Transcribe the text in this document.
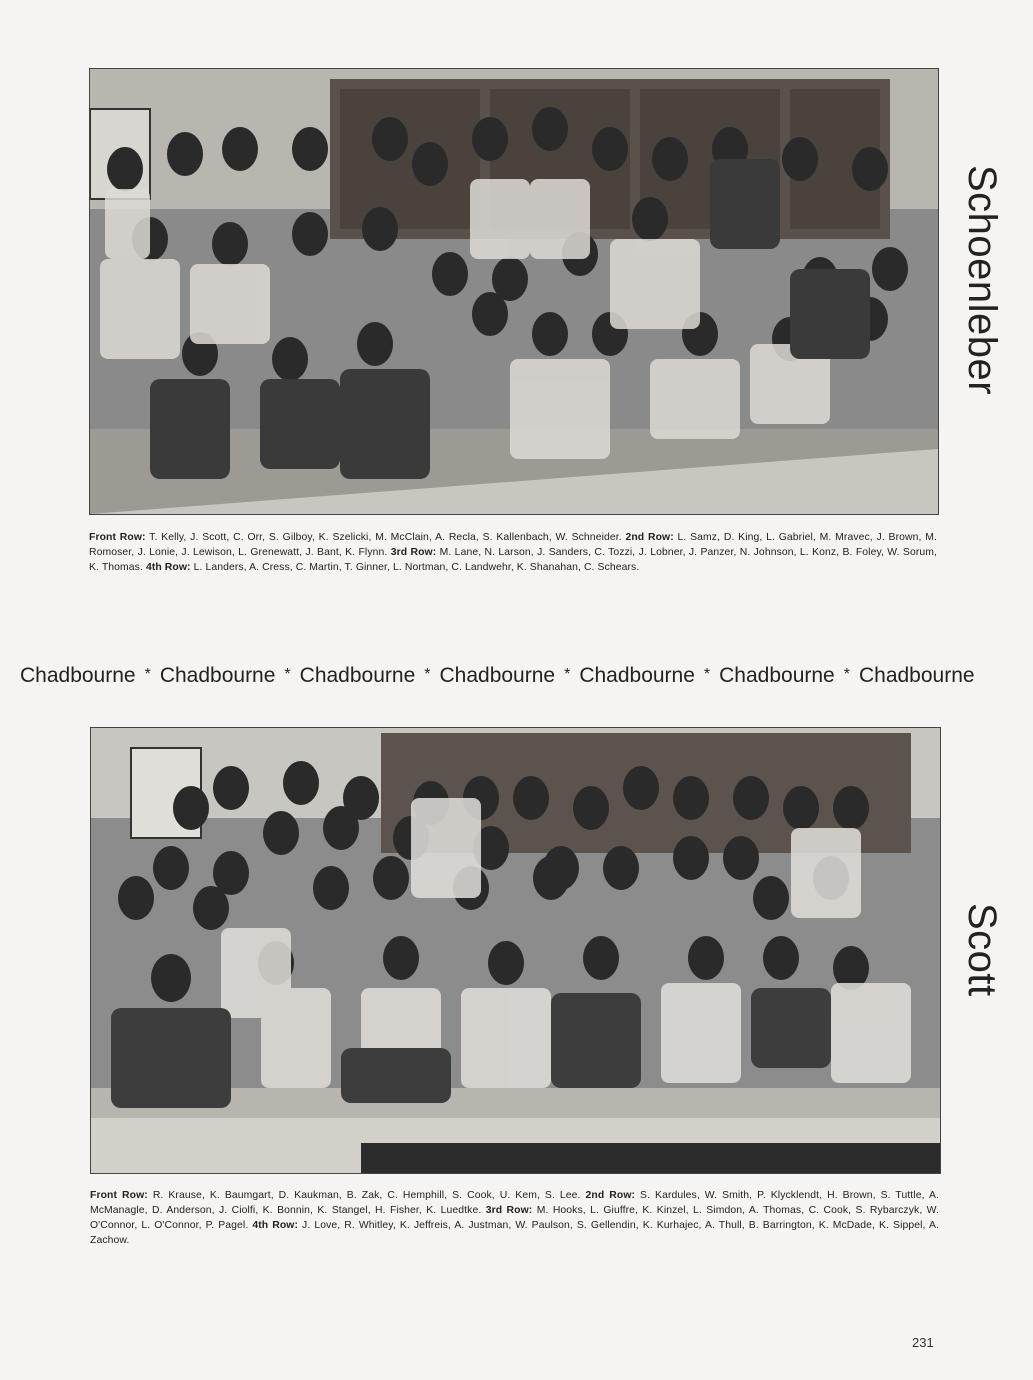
Front Row: T. Kelly, J. Scott, C. Orr, S. Gilboy, K. Szelicki, M. McClain, A. Recla, S. Kallenbach, W. Schneider. 2nd Row: L. Samz, D. King, L. Gabriel, M. Mravec, J. Brown, M. Romoser, J. Lonie, J. Lewison, L. Grenewatt, J. Bant, K. Flynn. 3rd Row: M. Lane, N. Larson, J. Sanders, C. Tozzi, J. Lobner, J. Panzer, N. Johnson, L. Konz, B. Foley, W. Sorum, K. Thomas. 4th Row: L. Landers, A. Cress, C. Martin, T. Ginner, L. Nortman, C. Landwehr, K. Shanahan, C. Schears.
Schoenleber
Chadbourne * Chadbourne * Chadbourne * Chadbourne * Chadbourne * Chadbourne * Chadbourne
Front Row: R. Krause, K. Baumgart, D. Kaukman, B. Zak, C. Hemphill, S. Cook, U. Kem, S. Lee. 2nd Row: S. Kardules, W. Smith, P. Klycklendt, H. Brown, S. Tuttle, A. McManagle, D. Anderson, J. Ciolfi, K. Bonnin, K. Stangel, H. Fisher, K. Luedtke. 3rd Row: M. Hooks, L. Giuffre, K. Kinzel, L. Simdon, A. Thomas, C. Cook, S. Rybarczyk, W. O'Connor, L. O'Connor, P. Pagel. 4th Row: J. Love, R. Whitley, K. Jeffreis, A. Justman, W. Paulson, S. Gellendin, K. Kurhajec, A. Thull, B. Barrington, K. McDade, K. Sippel, A. Zachow.
Scott
231
